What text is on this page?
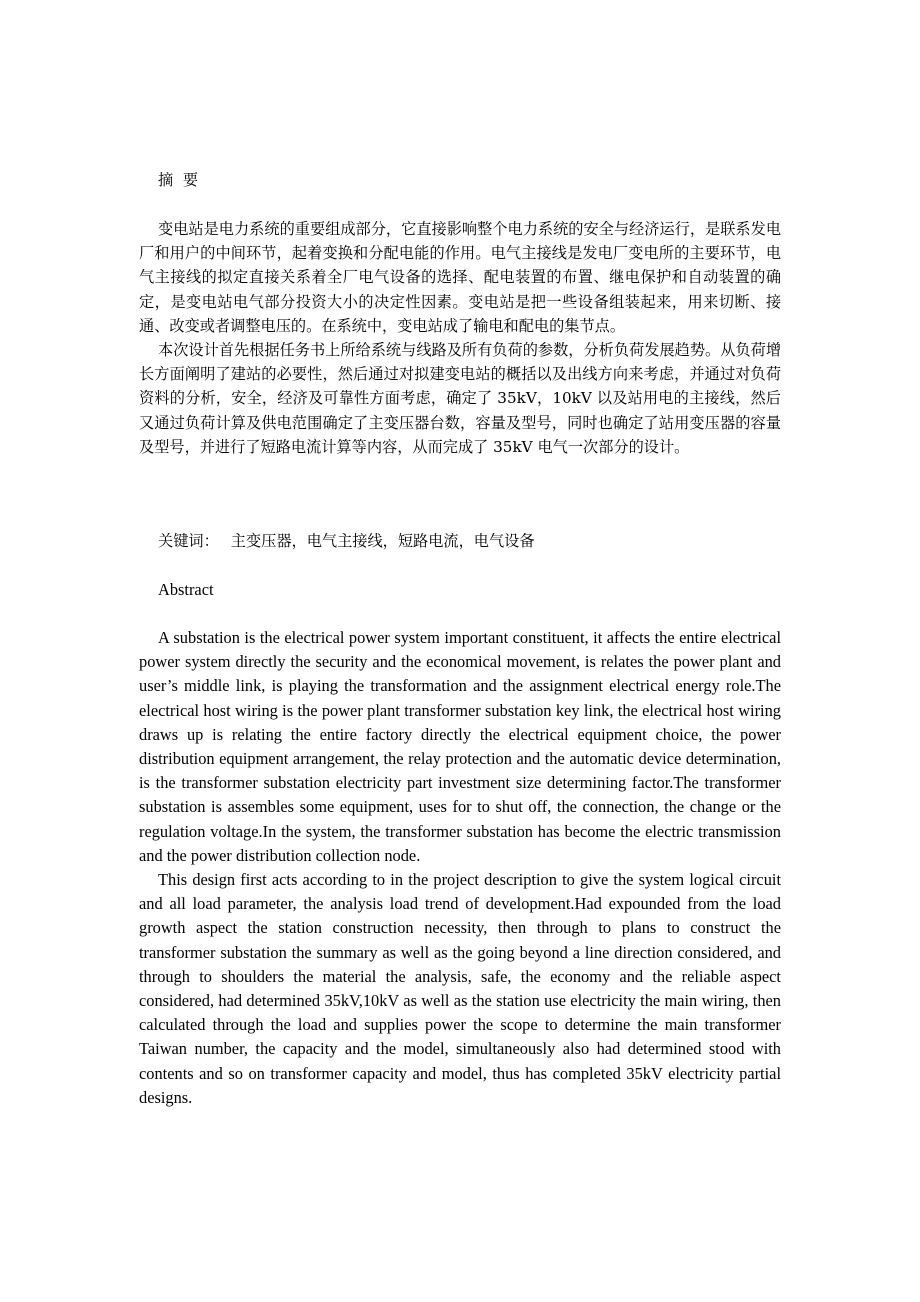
摘  要

变电站是电力系统的重要组成部分，它直接影响整个电力系统的安全与经济运行，是联系发电厂和用户的中间环节，起着变换和分配电能的作用。电气主接线是发电厂变电所的主要环节，电气主接线的拟定直接关系着全厂电气设备的选择、配电装置的布置、继电保护和自动装置的确定，是变电站电气部分投资大小的决定性因素。变电站是把一些设备组装起来，用来切断、接通、改变或者调整电压的。在系统中，变电站成了输电和配电的集节点。

本次设计首先根据任务书上所给系统与线路及所有负荷的参数，分析负荷发展趋势。从负荷增长方面阐明了建站的必要性，然后通过对拟建变电站的概括以及出线方向来考虑，并通过对负荷资料的分析，安全，经济及可靠性方面考虑，确定了 35kV，10kV 以及站用电的主接线，然后又通过负荷计算及供电范围确定了主变压器台数，容量及型号，同时也确定了站用变压器的容量及型号，并进行了短路电流计算等内容，从而完成了 35kV 电气一次部分的设计。

关键词： 主变压器，电气主接线，短路电流，电气设备

Abstract

A substation is the electrical power system important constituent, it affects the entire electrical power system directly the security and the economical movement, is relates the power plant and user’s middle link, is playing the transformation and the assignment electrical energy role.The electrical host wiring is the power plant transformer substation key link, the electrical host wiring draws up is relating the entire factory directly the electrical equipment choice, the power distribution equipment arrangement, the relay protection and the automatic device determination, is the transformer substation electricity part investment size determining factor.The transformer substation is assembles some equipment, uses for to shut off, the connection, the change or the regulation voltage.In the system, the transformer substation has become the electric transmission and the power distribution collection node.

This design first acts according to in the project description to give the system logical circuit and all load parameter, the analysis load trend of development.Had expounded from the load growth aspect the station construction necessity, then through to plans to construct the transformer substation the summary as well as the going beyond a line direction considered, and through to shoulders the material the analysis, safe, the economy and the reliable aspect considered, had determined 35kV,10kV as well as the station use electricity the main wiring, then calculated through the load and supplies power the scope to determine the main transformer Taiwan number, the capacity and the model, simultaneously also had determined stood with contents and so on transformer capacity and model, thus has completed 35kV electricity partial designs.
